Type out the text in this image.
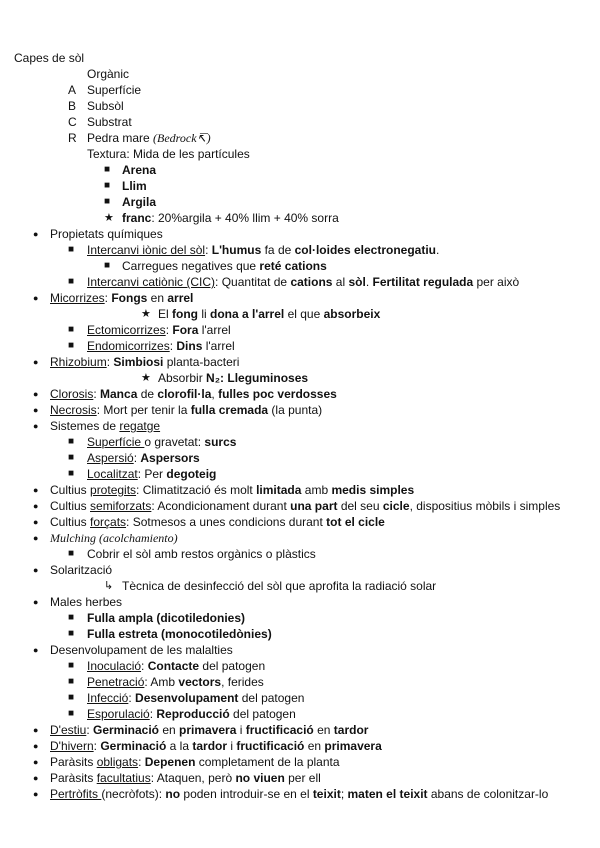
Capes de sòl
Orgànic
A Superfície
B Subsòl
C Substrat
R Pedra mare (Bedrock↸)
Textura: Mida de les partícules
■ Arena
■ Llim
■ Argila
★ franc: 20%argila + 40% llim + 40% sorra
● Propietats químiques
■ Intercanvi iònic del sòl: L'humus fa de col·loides electronegatiu.
■ Carregues negatives que reté cations
■ Intercanvi catiònic (CIC): Quantitat de cations al sòl. Fertilitat regulada per això
● Micorrizes: Fongs en arrel
★ El fong li dona a l'arrel el que absorbeix
■ Ectomicorrizes: Fora l'arrel
■ Endomicorrizes: Dins l'arrel
● Rhizobium: Simbiosi planta-bacteri
★ Absorbir N₂: Lleguminoses
● Clorosis: Manca de clorofil·la, fulles poc verdosses
● Necrosis: Mort per tenir la fulla cremada (la punta)
● Sistemes de regatge
■ Superfície o gravetat: surcs
■ Aspersió: Aspersors
■ Localitzat: Per degoteig
● Cultius protegits: Climatització és molt limitada amb medis simples
● Cultius semiforzats: Acondicionament durant una part del seu cicle, dispositius mòbils i simples
● Cultius forçats: Sotmesos a unes condicions durant tot el cicle
● Mulching (acolchamiento)
■ Cobrir el sòl amb restos orgànics o plàstics
● Solarització
↳ Tècnica de desinfecció del sòl que aprofita la radiació solar
● Males herbes
■ Fulla ampla (dicotiledonies)
■ Fulla estreta (monocotiledònies)
● Desenvolupament de les malalties
■ Inoculació: Contacte del patogen
■ Penetració: Amb vectors, ferides
■ Infecció: Desenvolupament del patogen
■ Esporulació: Reproducció del patogen
● D'estiu: Germinació en primavera i fructificació en tardor
● D'hivern: Germinació a la tardor i fructificació en primavera
● Paràsits obligats: Depenen completament de la planta
● Paràsits facultatius: Ataquen, però no viuen per ell
● Pertròfits (necròfots): no poden introduir-se en el teixit; maten el teixit abans de colonitzar-lo
